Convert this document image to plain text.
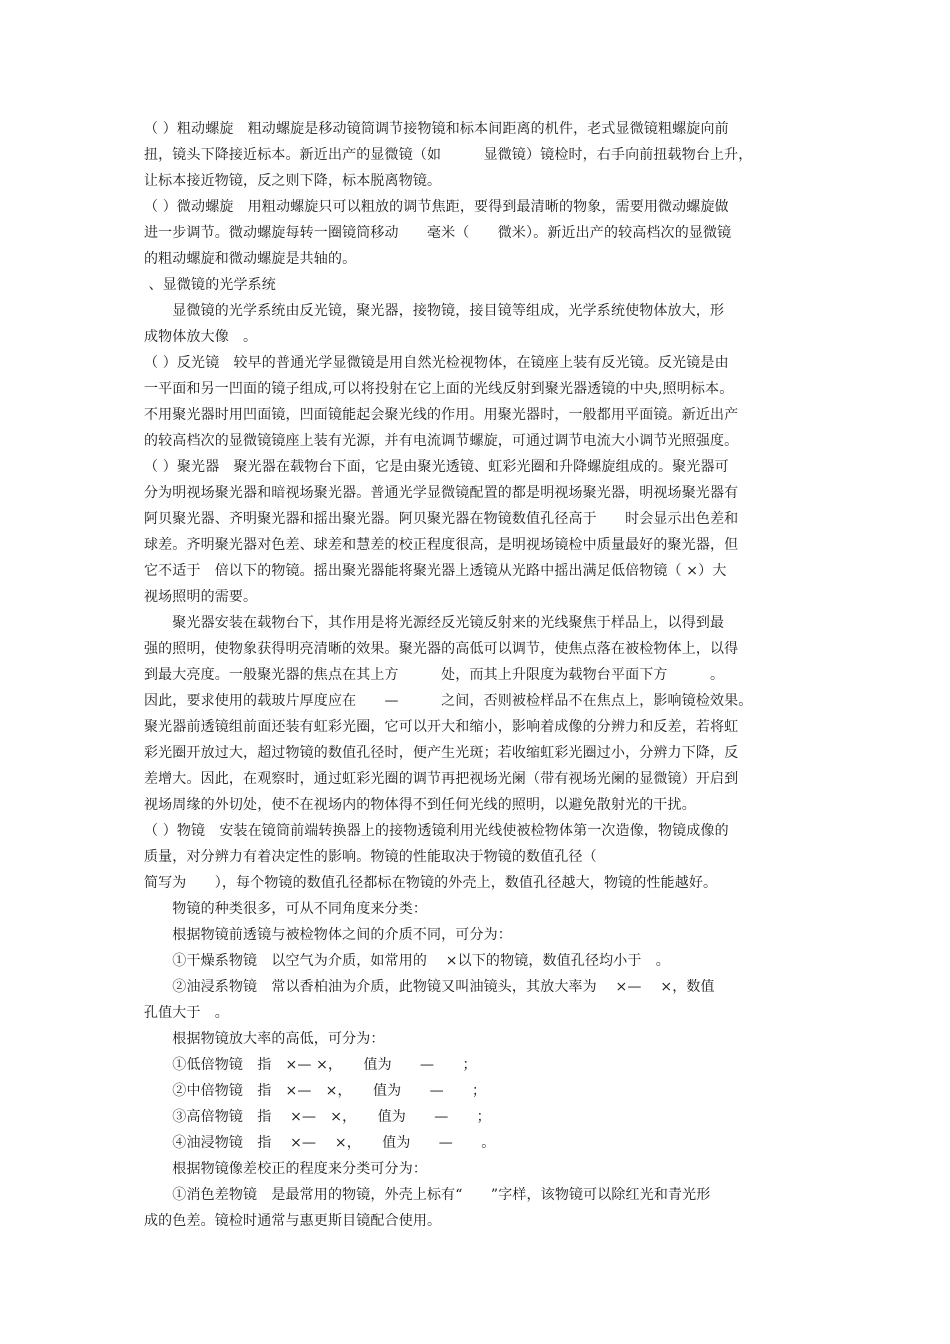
（ ）粗动螺旋　粗动螺旋是移动镜筒调节接物镜和标本间距离的机件，老式显微镜粗螺旋向前
扭，镜头下降接近标本。新近出产的显微镜（如　　　显微镜）镜检时，右手向前扭载物台上升，
让标本接近物镜，反之则下降，标本脱离物镜。
（ ）微动螺旋　用粗动螺旋只可以粗放的调节焦距，要得到最清晰的物象，需要用微动螺旋做
进一步调节。微动螺旋每转一圈镜筒移动　　毫米（　　微米）。新近出产的较高档次的显微镜
的粗动螺旋和微动螺旋是共轴的。
、显微镜的光学系统
　　显微镜的光学系统由反光镜，聚光器，接物镜，接目镜等组成，光学系统使物体放大，形
成物体放大像　。
（ ）反光镜　较早的普通光学显微镜是用自然光检视物体，在镜座上装有反光镜。反光镜是由
一平面和另一凹面的镜子组成,可以将投射在它上面的光线反射到聚光器透镜的中央,照明标本。
不用聚光器时用凹面镜，凹面镜能起会聚光线的作用。用聚光器时，一般都用平面镜。新近出产
的较高档次的显微镜镜座上装有光源，并有电流调节螺旋，可通过调节电流大小调节光照强度。
（ ）聚光器　聚光器在载物台下面，它是由聚光透镜、虹彩光圈和升降螺旋组成的。聚光器可
分为明视场聚光器和暗视场聚光器。普通光学显微镜配置的都是明视场聚光器，明视场聚光器有
阿贝聚光器、齐明聚光器和摇出聚光器。阿贝聚光器在物镜数值孔径高于　　时会显示出色差和
球差。齐明聚光器对色差、球差和慧差的校正程度很高，是明视场镜检中质量最好的聚光器，但
它不适于　倍以下的物镜。摇出聚光器能将聚光器上透镜从光路中摇出满足低倍物镜（ ×）大
视场照明的需要。
　　聚光器安装在载物台下，其作用是将光源经反光镜反射来的光线聚焦于样品上，以得到最
强的照明，使物象获得明亮清晰的效果。聚光器的高低可以调节，使焦点落在被检物体上，以得
到最大亮度。一般聚光器的焦点在其上方　　　处，而其上升限度为载物台平面下方　　　。
因此，要求使用的载玻片厚度应在　　—　　　之间，否则被检样品不在焦点上，影响镜检效果。
聚光器前透镜组前面还装有虹彩光圈，它可以开大和缩小，影响着成像的分辨力和反差，若将虹
彩光圈开放过大，超过物镜的数值孔径时，便产生光斑；若收缩虹彩光圈过小，分辨力下降，反
差增大。因此，在观察时，通过虹彩光圈的调节再把视场光阑（带有视场光阑的显微镜）开启到
视场周缘的外切处，使不在视场内的物体得不到任何光线的照明，以避免散射光的干扰。
（ ）物镜　安装在镜筒前端转换器上的接物透镜利用光线使被检物体第一次造像，物镜成像的
质量，对分辨力有着决定性的影响。物镜的性能取决于物镜的数值孔径（
简写为　　），每个物镜的数值孔径都标在物镜的外壳上，数值孔径越大，物镜的性能越好。
　　物镜的种类很多，可从不同角度来分类：
　　根据物镜前透镜与被检物体之间的介质不同，可分为：
　　①干燥系物镜　以空气为介质，如常用的　 ×以下的物镜，数值孔径均小于　。
　　②油浸系物镜　常以香柏油为介质，此物镜又叫油镜头，其放大率为　 ×—　 ×，数值
孔值大于　。
　　根据物镜放大率的高低，可分为：
　　①低倍物镜　指　×— ×，　　值为　　—　　；
　　②中倍物镜　指　×—　×，　　值为　　—　　；
　　③高倍物镜　指　 ×—　×，　　值为　　—　　；
　　④油浸物镜　指　 ×—　 ×，　　值为　　—　　。
　　根据物镜像差校正的程度来分类可分为：
　　①消色差物镜　是最常用的物镜，外壳上标有“　　”字样，该物镜可以除红光和青光形
成的色差。镜检时通常与惠更斯目镜配合使用。
